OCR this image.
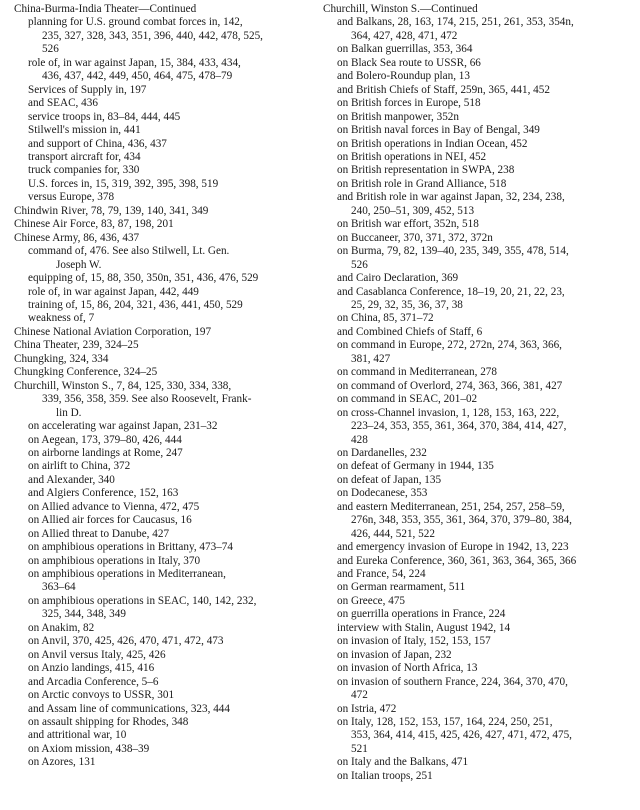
China-Burma-India Theater—Continued
planning for U.S. ground combat forces in, 142,
235, 327, 328, 343, 351, 396, 440, 442, 478, 525,
526
role of, in war against Japan, 15, 384, 433, 434,
436, 437, 442, 449, 450, 464, 475, 478–79
Services of Supply in, 197
and SEAC, 436
service troops in, 83–84, 444, 445
Stilwell's mission in, 441
and support of China, 436, 437
transport aircraft for, 434
truck companies for, 330
U.S. forces in, 15, 319, 392, 395, 398, 519
versus Europe, 378
Chindwin River, 78, 79, 139, 140, 341, 349
Chinese Air Force, 83, 87, 198, 201
Chinese Army, 86, 436, 437
command of, 476. See also Stilwell, Lt. Gen.
Joseph W.
equipping of, 15, 88, 350, 350n, 351, 436, 476, 529
role of, in war against Japan, 442, 449
training of, 15, 86, 204, 321, 436, 441, 450, 529
weakness of, 7
Chinese National Aviation Corporation, 197
China Theater, 239, 324–25
Chungking, 324, 334
Chungking Conference, 324–25
Churchill, Winston S., 7, 84, 125, 330, 334, 338,
339, 356, 358, 359. See also Roosevelt, Frank-
lin D.
on accelerating war against Japan, 231–32
on Aegean, 173, 379–80, 426, 444
on airborne landings at Rome, 247
on airlift to China, 372
and Alexander, 340
and Algiers Conference, 152, 163
on Allied advance to Vienna, 472, 475
on Allied air forces for Caucasus, 16
on Allied threat to Danube, 427
on amphibious operations in Brittany, 473–74
on amphibious operations in Italy, 370
on amphibious operations in Mediterranean,
363–64
on amphibious operations in SEAC, 140, 142, 232,
325, 344, 348, 349
on Anakim, 82
on Anvil, 370, 425, 426, 470, 471, 472, 473
on Anvil versus Italy, 425, 426
on Anzio landings, 415, 416
and Arcadia Conference, 5–6
on Arctic convoys to USSR, 301
and Assam line of communications, 323, 444
on assault shipping for Rhodes, 348
and attritional war, 10
on Axiom mission, 438–39
on Azores, 131
Churchill, Winston S.—Continued
and Balkans, 28, 163, 174, 215, 251, 261, 353, 354n,
364, 427, 428, 471, 472
on Balkan guerrillas, 353, 364
on Black Sea route to USSR, 66
and Bolero-Roundup plan, 13
and British Chiefs of Staff, 259n, 365, 441, 452
on British forces in Europe, 518
on British manpower, 352n
on British naval forces in Bay of Bengal, 349
on British operations in Indian Ocean, 452
on British operations in NEI, 452
on British representation in SWPA, 238
on British role in Grand Alliance, 518
and British role in war against Japan, 32, 234, 238,
240, 250–51, 309, 452, 513
on British war effort, 352n, 518
on Buccaneer, 370, 371, 372, 372n
on Burma, 79, 82, 139–40, 235, 349, 355, 478, 514,
526
and Cairo Declaration, 369
and Casablanca Conference, 18–19, 20, 21, 22, 23,
25, 29, 32, 35, 36, 37, 38
on China, 85, 371–72
and Combined Chiefs of Staff, 6
on command in Europe, 272, 272n, 274, 363, 366,
381, 427
on command in Mediterranean, 278
on command of Overlord, 274, 363, 366, 381, 427
on command in SEAC, 201–02
on cross-Channel invasion, 1, 128, 153, 163, 222,
223–24, 353, 355, 361, 364, 370, 384, 414, 427,
428
on Dardanelles, 232
on defeat of Germany in 1944, 135
on defeat of Japan, 135
on Dodecanese, 353
and eastern Mediterranean, 251, 254, 257, 258–59,
276n, 348, 353, 355, 361, 364, 370, 379–80, 384,
426, 444, 521, 522
and emergency invasion of Europe in 1942, 13, 223
and Eureka Conference, 360, 361, 363, 364, 365, 366
and France, 54, 224
on German rearmament, 511
on Greece, 475
on guerrilla operations in France, 224
interview with Stalin, August 1942, 14
on invasion of Italy, 152, 153, 157
on invasion of Japan, 232
on invasion of North Africa, 13
on invasion of southern France, 224, 364, 370, 470,
472
on Istria, 472
on Italy, 128, 152, 153, 157, 164, 224, 250, 251,
353, 364, 414, 415, 425, 426, 427, 471, 472, 475,
521
on Italy and the Balkans, 471
on Italian troops, 251
